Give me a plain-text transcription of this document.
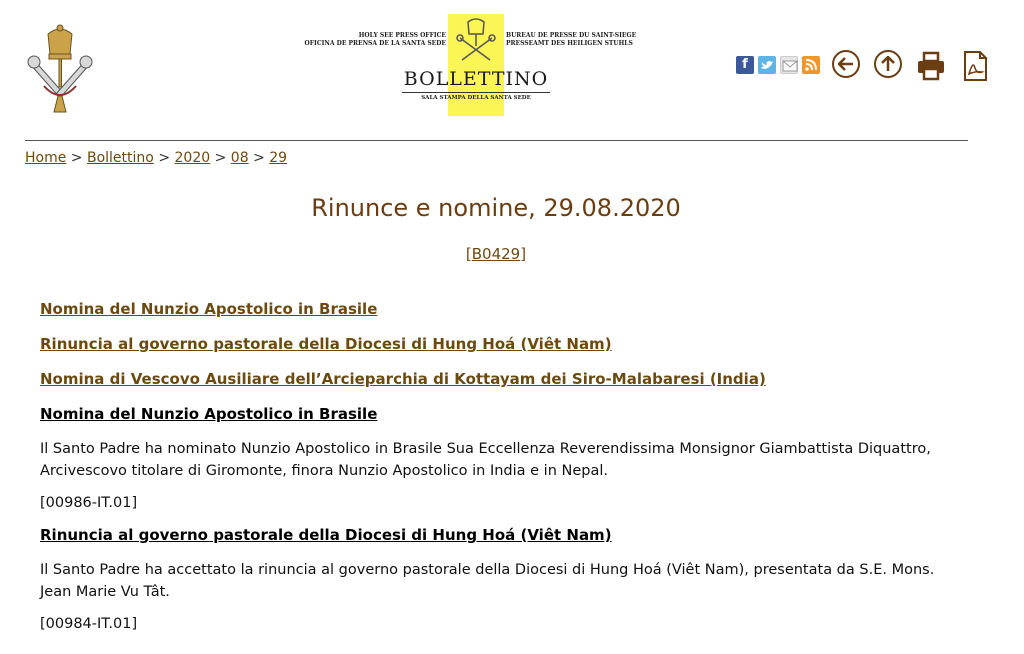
HOLY SEE PRESS OFFICE
OFICINA DE PRENSA DE LA SANTA SEDE
BUREAU DE PRESSE DU SAINT-SIEGE
PRESSEAMT DES HEILIGEN STUHLS
BOLLETTINO
SALA STAMPA DELLA SANTA SEDE
f
Home > Bollettino > 2020 > 08 > 29
Rinunce e nomine, 29.08.2020
[B0429]
Nomina del Nunzio Apostolico in Brasile
Rinuncia al governo pastorale della Diocesi di Hung Hoá (Viêt Nam)
Nomina di Vescovo Ausiliare dell’Arcieparchia di Kottayam dei Siro-Malabaresi (India)
Nomina del Nunzio Apostolico in Brasile
Il Santo Padre ha nominato Nunzio Apostolico in Brasile Sua Eccellenza Reverendissima Monsignor Giambattista Diquattro, Arcivescovo titolare di Giromonte, finora Nunzio Apostolico in India e in Nepal.
[00986-IT.01]
Rinuncia al governo pastorale della Diocesi di Hung Hoá (Viêt Nam)
Il Santo Padre ha accettato la rinuncia al governo pastorale della Diocesi di Hung Hoá (Viêt Nam), presentata da S.E. Mons. Jean Marie Vu Tât.
[00984-IT.01]
